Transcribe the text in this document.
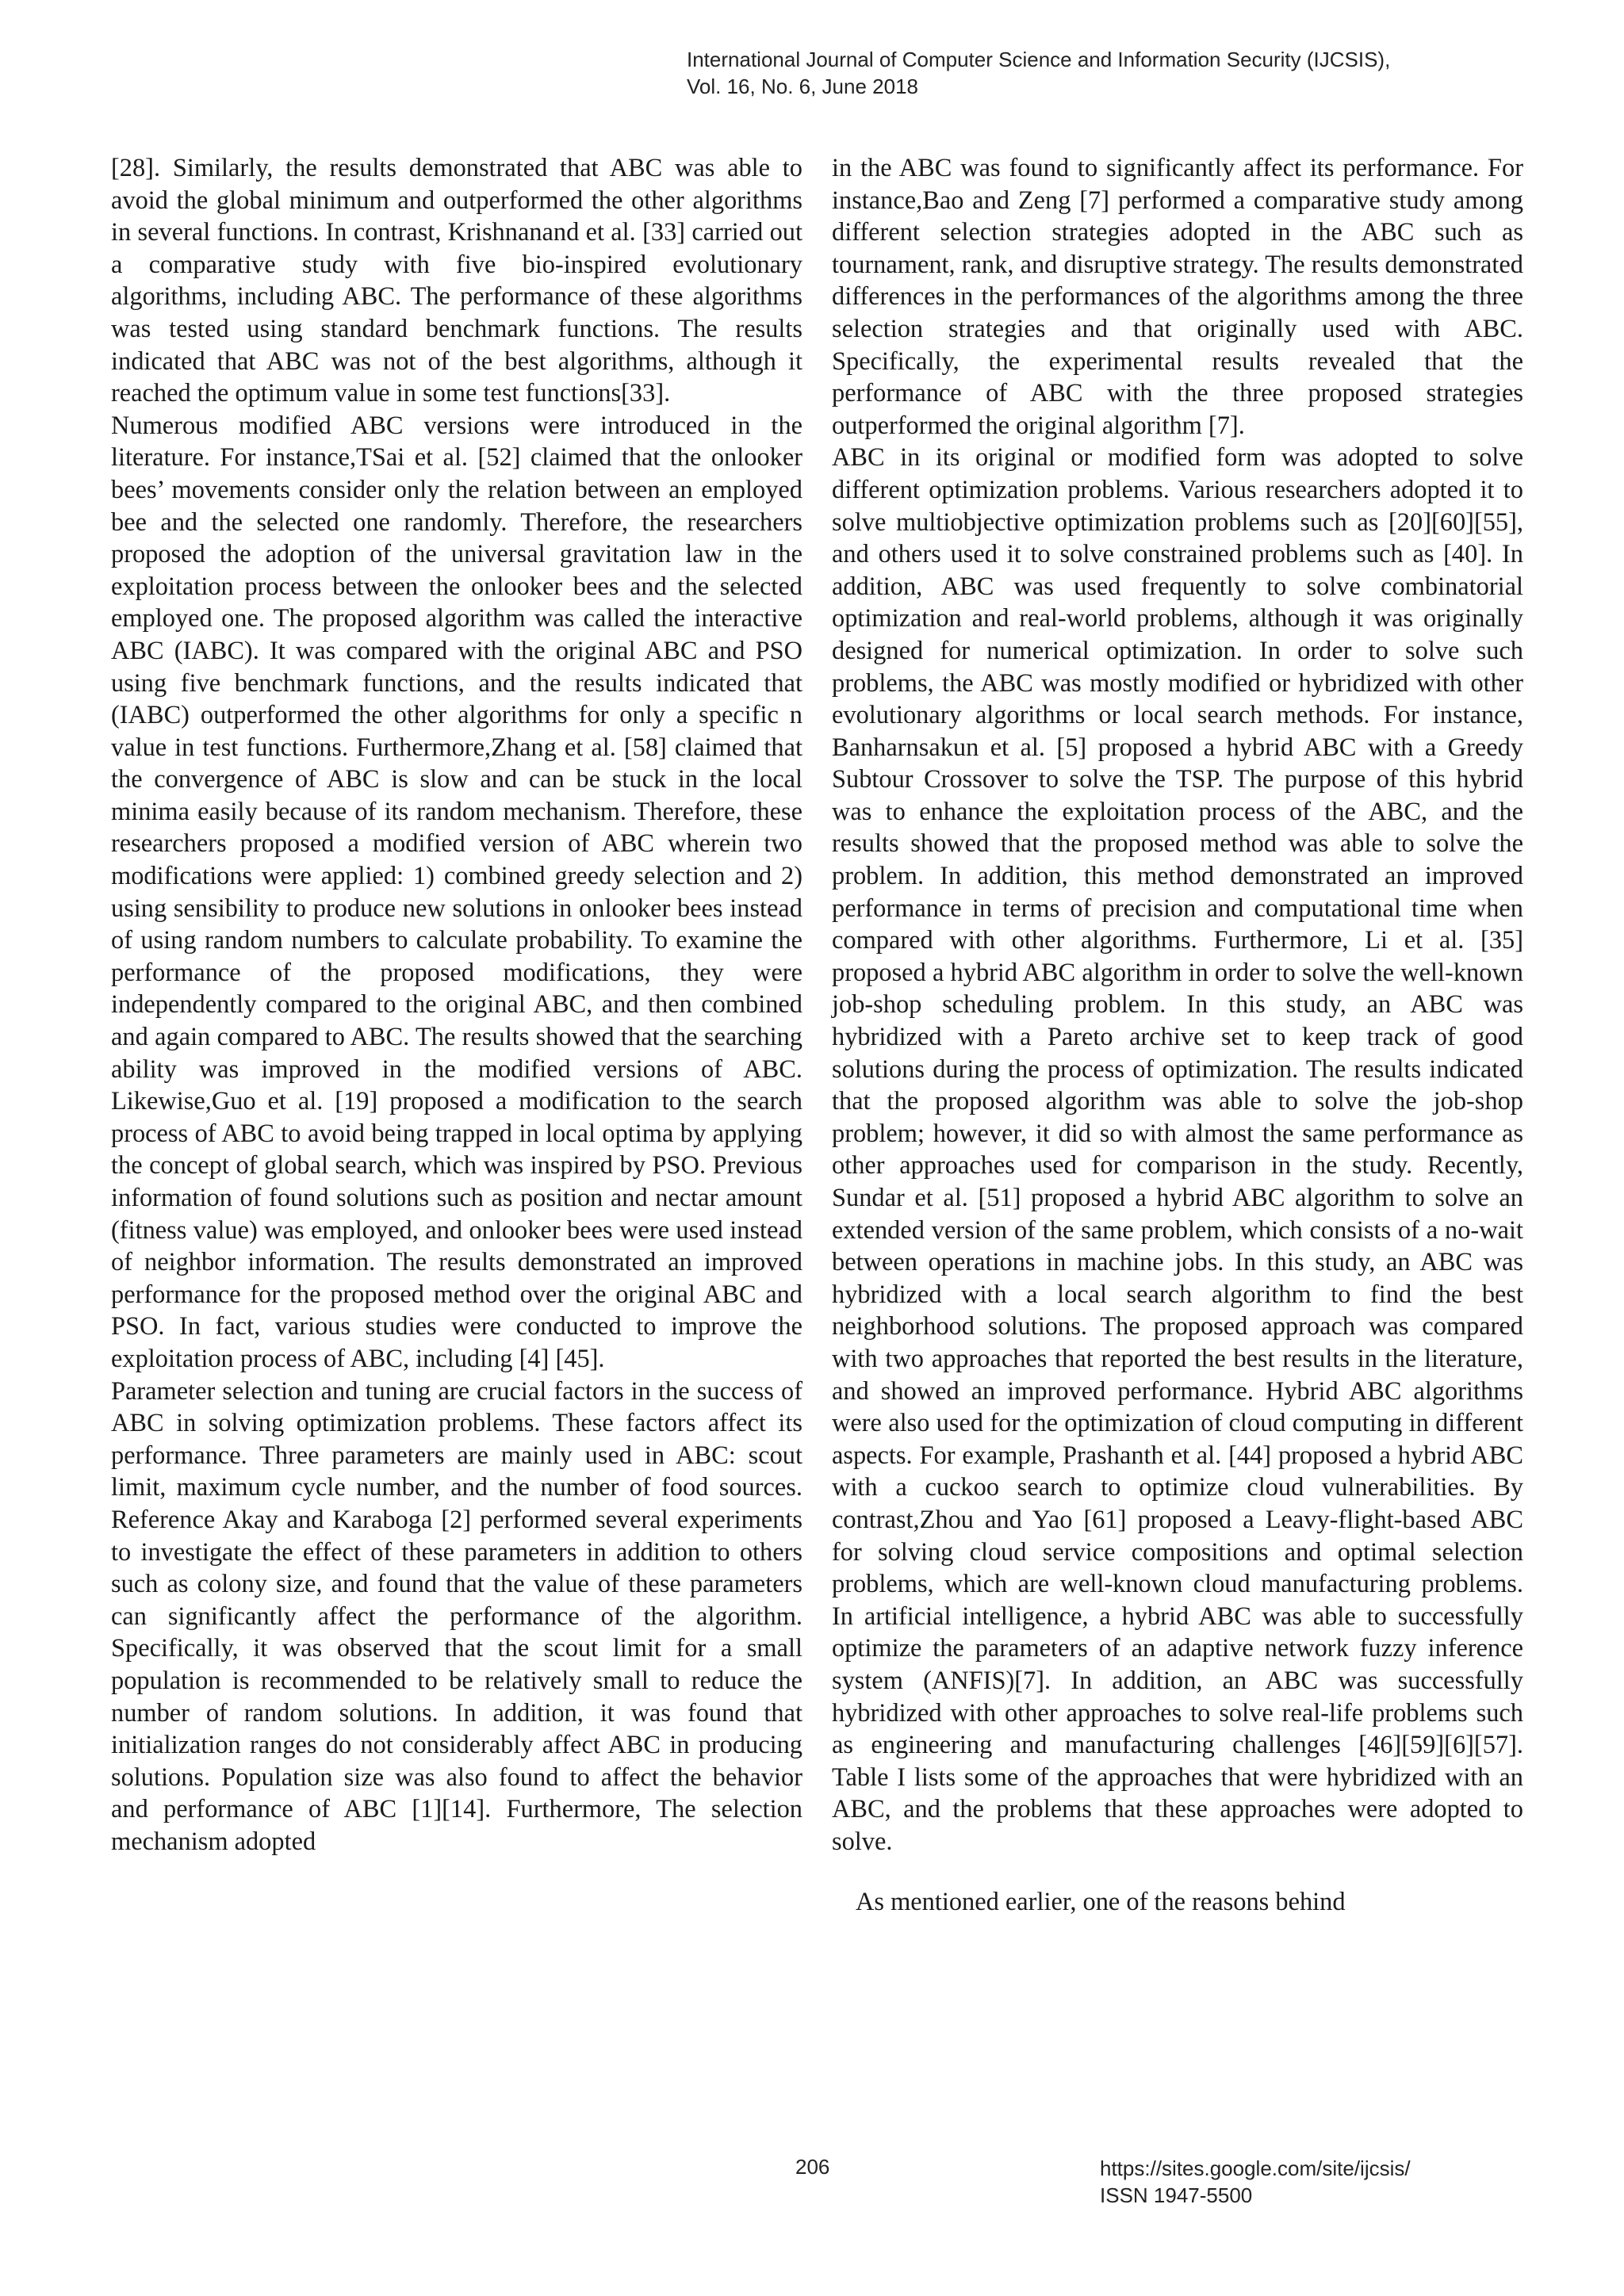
International Journal of Computer Science and Information Security (IJCSIS),
Vol. 16, No. 6, June 2018

[28]. Similarly, the results demonstrated that ABC was able to avoid the global minimum and outperformed the other algorithms in several functions. In contrast, Krishnanand et al. [33] carried out a comparative study with five bio-inspired evolutionary algorithms, including ABC. The performance of these algorithms was tested using standard benchmark functions. The results indicated that ABC was not of the best algorithms, although it reached the optimum value in some test functions[33].

Numerous modified ABC versions were introduced in the literature. For instance,TSai et al. [52] claimed that the onlooker bees’ movements consider only the relation between an employed bee and the selected one randomly. Therefore, the researchers proposed the adoption of the universal gravitation law in the exploitation process between the onlooker bees and the selected employed one. The proposed algorithm was called the interactive ABC (IABC). It was compared with the original ABC and PSO using five benchmark functions, and the results indicated that (IABC) outperformed the other algorithms for only a specific n value in test functions. Furthermore,Zhang et al. [58] claimed that the convergence of ABC is slow and can be stuck in the local minima easily because of its random mechanism. Therefore, these researchers proposed a modified version of ABC wherein two modifications were applied: 1) combined greedy selection and 2) using sensibility to produce new solutions in onlooker bees instead of using random numbers to calculate probability. To examine the performance of the proposed modifications, they were independently compared to the original ABC, and then combined and again compared to ABC. The results showed that the searching ability was improved in the modified versions of ABC. Likewise,Guo et al. [19] proposed a modification to the search process of ABC to avoid being trapped in local optima by applying the concept of global search, which was inspired by PSO. Previous information of found solutions such as position and nectar amount (fitness value) was employed, and onlooker bees were used instead of neighbor information. The results demonstrated an improved performance for the proposed method over the original ABC and PSO. In fact, various studies were conducted to improve the exploitation process of ABC, including [4] [45].

Parameter selection and tuning are crucial factors in the success of ABC in solving optimization problems. These factors affect its performance. Three parameters are mainly used in ABC: scout limit, maximum cycle number, and the number of food sources. Reference Akay and Karaboga [2] performed several experiments to investigate the effect of these parameters in addition to others such as colony size, and found that the value of these parameters can significantly affect the performance of the algorithm. Specifically, it was observed that the scout limit for a small population is recommended to be relatively small to reduce the number of random solutions. In addition, it was found that initialization ranges do not considerably affect ABC in producing solutions. Population size was also found to affect the behavior and performance of ABC [1][14]. Furthermore, The selection mechanism adopted

in the ABC was found to significantly affect its performance. For instance,Bao and Zeng [7] performed a comparative study among different selection strategies adopted in the ABC such as tournament, rank, and disruptive strategy. The results demonstrated differences in the performances of the algorithms among the three selection strategies and that originally used with ABC. Specifically, the experimental results revealed that the performance of ABC with the three proposed strategies outperformed the original algorithm [7].

ABC in its original or modified form was adopted to solve different optimization problems. Various researchers adopted it to solve multiobjective optimization problems such as [20][60][55], and others used it to solve constrained problems such as [40]. In addition, ABC was used frequently to solve combinatorial optimization and real-world problems, although it was originally designed for numerical optimization. In order to solve such problems, the ABC was mostly modified or hybridized with other evolutionary algorithms or local search methods. For instance, Banharnsakun et al. [5] proposed a hybrid ABC with a Greedy Subtour Crossover to solve the TSP. The purpose of this hybrid was to enhance the exploitation process of the ABC, and the results showed that the proposed method was able to solve the problem. In addition, this method demonstrated an improved performance in terms of precision and computational time when compared with other algorithms. Furthermore, Li et al. [35] proposed a hybrid ABC algorithm in order to solve the well-known job-shop scheduling problem. In this study, an ABC was hybridized with a Pareto archive set to keep track of good solutions during the process of optimization. The results indicated that the proposed algorithm was able to solve the job-shop problem; however, it did so with almost the same performance as other approaches used for comparison in the study. Recently, Sundar et al. [51] proposed a hybrid ABC algorithm to solve an extended version of the same problem, which consists of a no-wait between operations in machine jobs. In this study, an ABC was hybridized with a local search algorithm to find the best neighborhood solutions. The proposed approach was compared with two approaches that reported the best results in the literature, and showed an improved performance. Hybrid ABC algorithms were also used for the optimization of cloud computing in different aspects. For example, Prashanth et al. [44] proposed a hybrid ABC with a cuckoo search to optimize cloud vulnerabilities. By contrast,Zhou and Yao [61] proposed a Leavy-flight-based ABC for solving cloud service compositions and optimal selection problems, which are well-known cloud manufacturing problems. In artificial intelligence, a hybrid ABC was able to successfully optimize the parameters of an adaptive network fuzzy inference system (ANFIS)[7]. In addition, an ABC was successfully hybridized with other approaches to solve real-life problems such as engineering and manufacturing challenges [46][59][6][57]. Table I lists some of the approaches that were hybridized with an ABC, and the problems that these approaches were adopted to solve.

As mentioned earlier, one of the reasons behind

206	https://sites.google.com/site/ijcsis/
ISSN 1947-5500
